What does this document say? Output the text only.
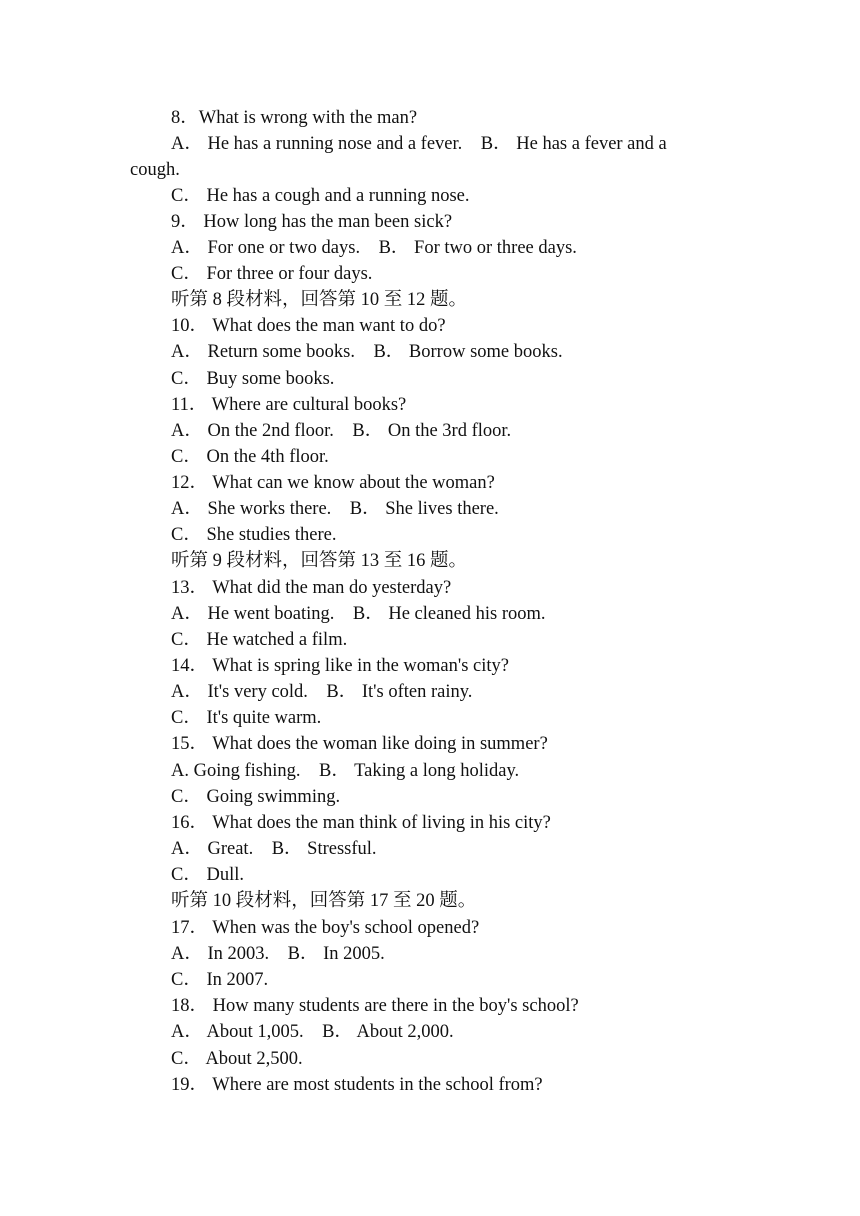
8．What is wrong with the man?
A． He has a running nose and a fever.    B． He has a fever and a
cough.
C． He has a cough and a running nose.
9． How long has the man been sick?
A． For one or two days.    B． For two or three days.
C． For three or four days.
听第 8 段材料，回答第 10 至 12 题。
10． What does the man want to do?
A． Return some books.    B． Borrow some books.
C． Buy some books.
11． Where are cultural books?
A． On the 2nd floor.    B． On the 3rd floor.
C． On the 4th floor.
12． What can we know about the woman?
A． She works there.    B． She lives there.
C． She studies there.
听第 9 段材料，回答第 13 至 16 题。
13． What did the man do yesterday?
A． He went boating.    B． He cleaned his room.
C． He watched a film.
14． What is spring like in the woman's city?
A． It's very cold.    B． It's often rainy.
C． It's quite warm.
15． What does the woman like doing in summer?
A. Going fishing.    B． Taking a long holiday.
C． Going swimming.
16． What does the man think of living in his city?
A． Great.    B． Stressful.
C． Dull.
听第 10 段材料，回答第 17 至 20 题。
17． When was the boy's school opened?
A． In 2003.    B． In 2005.
C． In 2007.
18． How many students are there in the boy's school?
A． About 1,005.    B． About 2,000.
C． About 2,500.
19． Where are most students in the school from?
